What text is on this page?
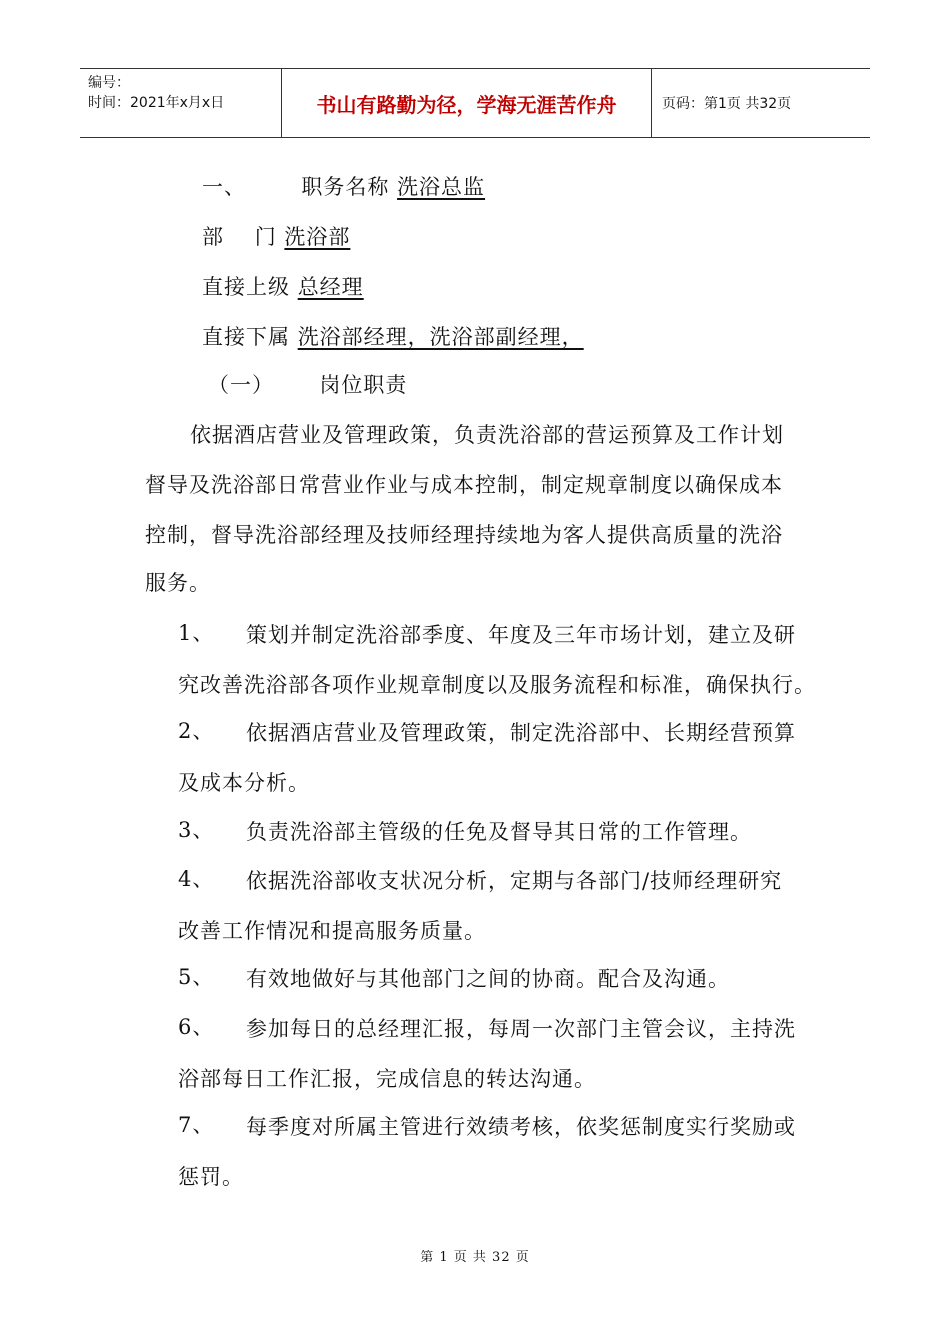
编号：
时间：2021年x月x日	书山有路勤为径，学海无涯苦作舟	页码：第1页 共32页
一、	职务名称 洗浴总监
部    门 洗浴部
直接上级 总经理
直接下属 洗浴部经理，洗浴部副经理，
（一） 岗位职责
依据酒店营业及管理政策，负责洗浴部的营运预算及工作计划
督导及洗浴部日常营业作业与成本控制，制定规章制度以确保成本
控制，督导洗浴部经理及技师经理持续地为客人提供高质量的洗浴
服务。
1、 策划并制定洗浴部季度、年度及三年市场计划，建立及研
究改善洗浴部各项作业规章制度以及服务流程和标准，确保执行。
2、 依据酒店营业及管理政策，制定洗浴部中、长期经营预算
及成本分析。
3、 负责洗浴部主管级的任免及督导其日常的工作管理。
4、 依据洗浴部收支状况分析，定期与各部门/技师经理研究
改善工作情况和提高服务质量。
5、 有效地做好与其他部门之间的协商。配合及沟通。
6、 参加每日的总经理汇报，每周一次部门主管会议，主持洗
浴部每日工作汇报，完成信息的转达沟通。
7、 每季度对所属主管进行效绩考核，依奖惩制度实行奖励或
惩罚。
第 1 页 共 32 页
